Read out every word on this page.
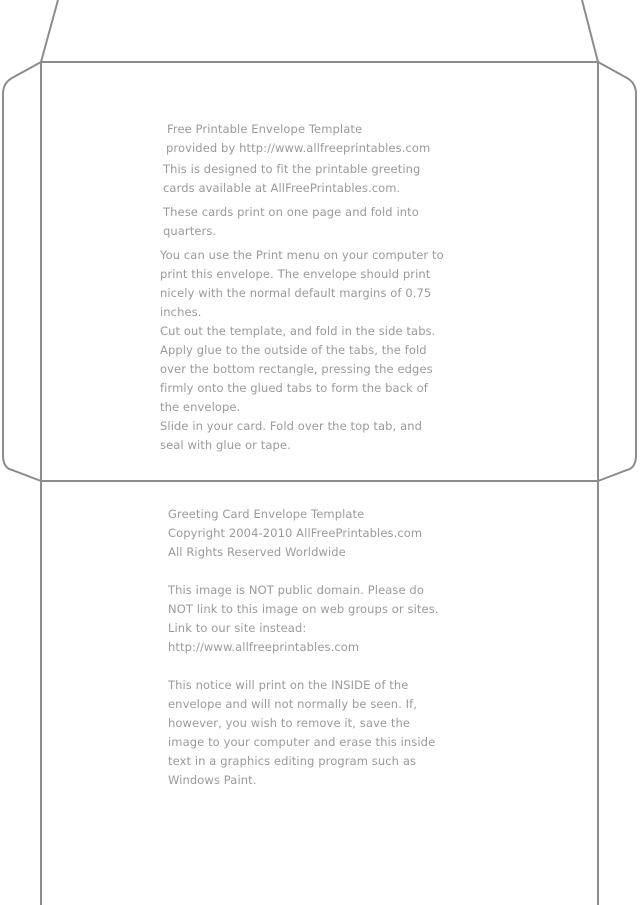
Free Printable Envelope Template
provided by http://www.allfreeprintables.com
This is designed to fit the printable greeting
cards available at AllFreePrintables.com.
These cards print on one page and fold into
quarters.
You can use the Print menu on your computer to
print this envelope. The envelope should print
nicely with the normal default margins of 0.75
inches.
Cut out the template, and fold in the side tabs.
Apply glue to the outside of the tabs, the fold
over the bottom rectangle, pressing the edges
firmly onto the glued tabs to form the back of
the envelope.
Slide in your card. Fold over the top tab, and
seal with glue or tape.
Greeting Card Envelope Template
Copyright 2004-2010 AllFreePrintables.com
All Rights Reserved Worldwide
This image is NOT public domain. Please do
NOT link to this image on web groups or sites.
Link to our site instead:
http://www.allfreeprintables.com
This notice will print on the INSIDE of the
envelope and will not normally be seen. If,
however, you wish to remove it, save the
image to your computer and erase this inside
text in a graphics editing program such as
Windows Paint.
